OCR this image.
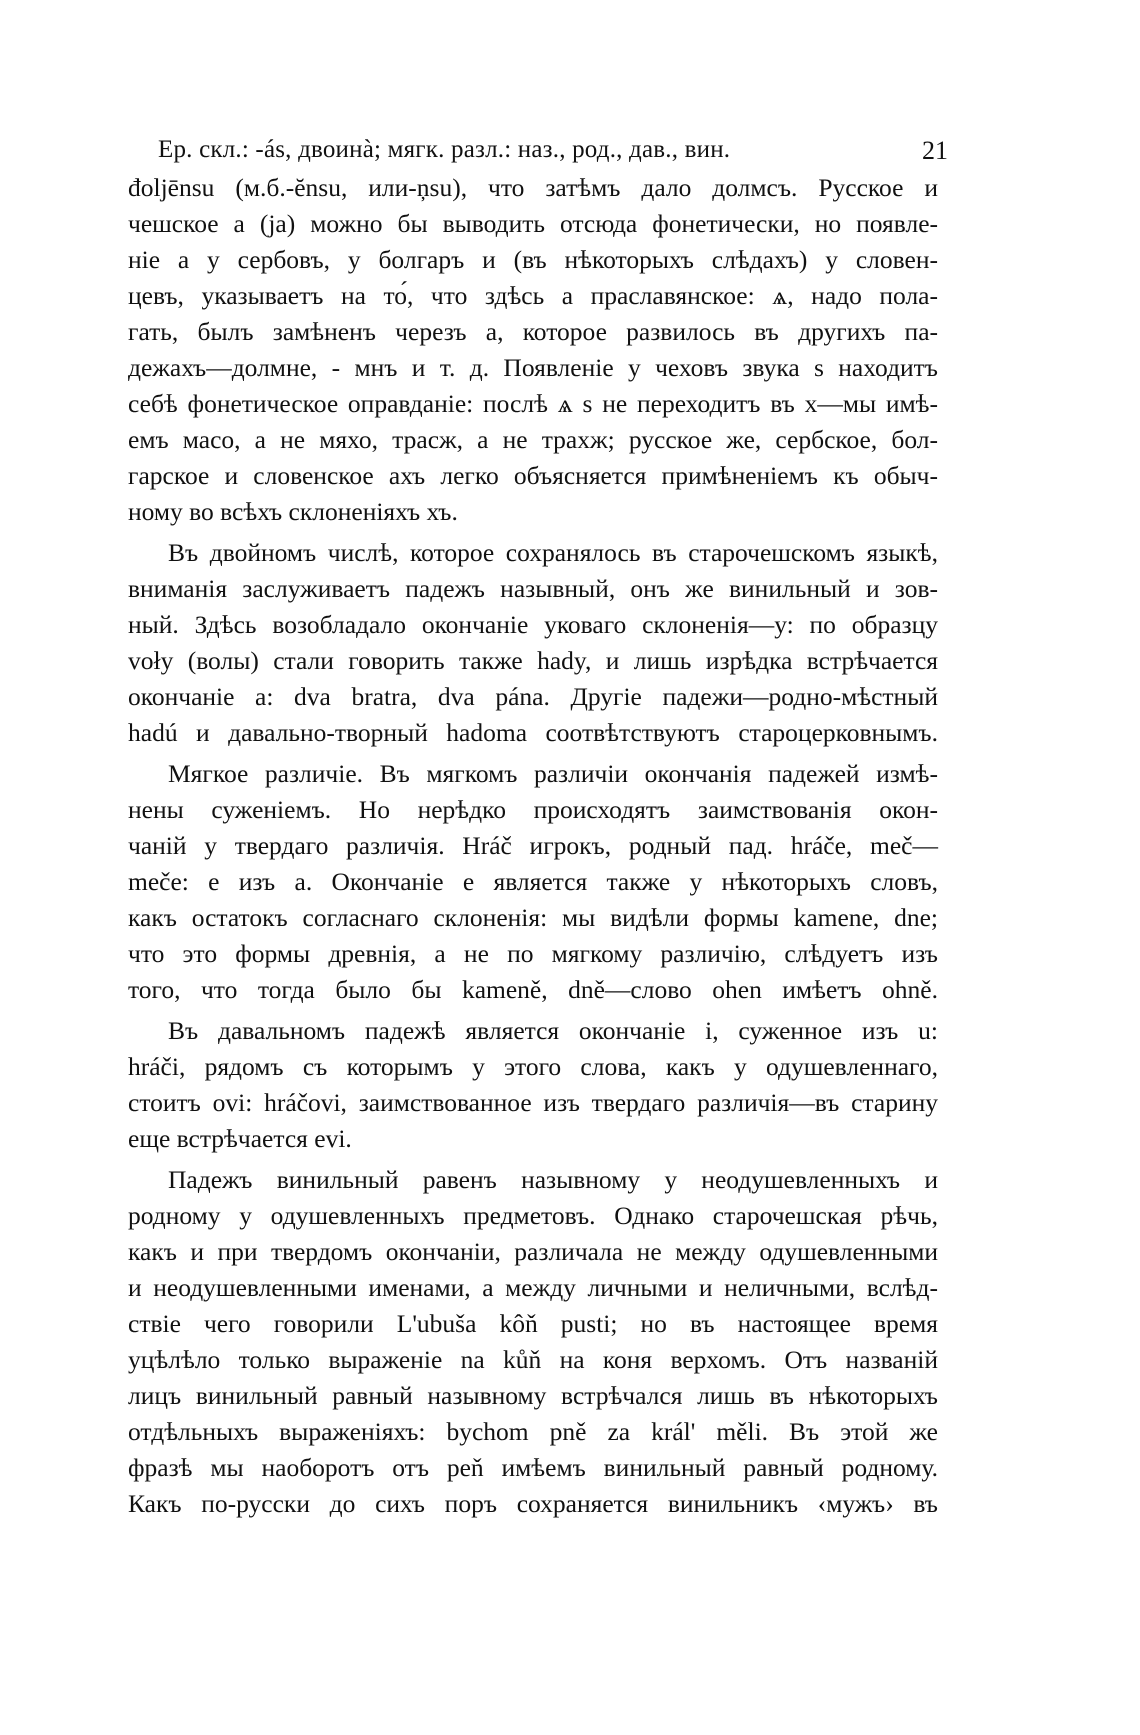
Ер. скл.: -ás, двоинà; мягк. разл.: наз., род., дав., вин.	21
đoljēnsu (м.б.-ĕnsu, или-ņsu), что затѣмъ дало долмсъ. Русское и
чешское а (ja) можно бы выводить отсюда фонетически, но появле-
ніе а у сербовъ, у болгаръ и (въ нѣкоторыхъ слѣдахъ) у словен-
цевъ, указываетъ на то́, что здѣсь а праславянское: ѧ, надо пола-
гать, былъ замѣненъ черезъ а, которое развилось въ другихъ па-
дежахъ—долмне, - мнъ и т. д. Появленіе у чеховъ звука s находитъ
себѣ фонетическое оправданіе: послѣ ѧ s не переходитъ въ х—мы имѣ-
емъ масо, а не мяхо, трасж, а не трахж; русское же, сербское, бол-
гарское и словенское ахъ легко объясняется примѣненіемъ къ обыч-
ному во всѣхъ склоненіяхъ хъ.
Въ двойномъ числѣ, которое сохранялось въ старочешскомъ языкѣ,
вниманія заслуживаетъ падежъ назывный, онъ же винильный и зов-
ный. Здѣсь возобладало окончаніе уковаго склоненія—у: по образцу
voły (волы) стали говорить также hady, и лишь изрѣдка встрѣчается
окончаніе а: dva bratra, dva pána. Другіе падежи—родно-мѣстный
hadú и давально-творный hadoma соотвѣтствуютъ староцерковнымъ.
Мягкое различіе. Въ мягкомъ различіи окончанія падежей измѣ-
нены суженіемъ. Но нерѣдко происходятъ заимствованія окон-
чаній у твердаго различія. Hráč игрокъ, родный пад. hráče, meč—
meče: е изъ а. Окончаніе е является также у нѣкоторыхъ словъ,
какъ остатокъ согласнаго склоненія: мы видѣли формы kamene, dne;
что это формы древнія, а не по мягкому различію, слѣдуетъ изъ
того, что тогда было бы kameně, dně—слово ohen имѣетъ ohně.
Въ давальномъ падежѣ является окончаніе і, суженное изъ u:
hráči, рядомъ съ которымъ у этого слова, какъ у одушевленнаго,
стоитъ ovi: hráčovi, заимствованное изъ твердаго различія—въ старину
еще встрѣчается evi.
Падежъ винильный равенъ назывному у неодушевленныхъ и
родному у одушевленныхъ предметовъ. Однако старочешская рѣчь,
какъ и при твердомъ окончаніи, различала не между одушевленными
и неодушевленными именами, а между личными и неличными, вслѣд-
ствіе чего говорили L'ubuša kôň pusti; но въ настоящее время
уцѣлѣло только выраженіе na kůň на коня верхомъ. Отъ названій
лицъ винильный равный назывному встрѣчался лишь въ нѣкоторыхъ
отдѣльныхъ выраженіяхъ: bychom pně za král' měli. Въ этой же
фразѣ мы наоборотъ отъ peň имѣемъ винильный равный родному.
Какъ по-русски до сихъ поръ сохраняется винильникъ ‹мужъ› въ
